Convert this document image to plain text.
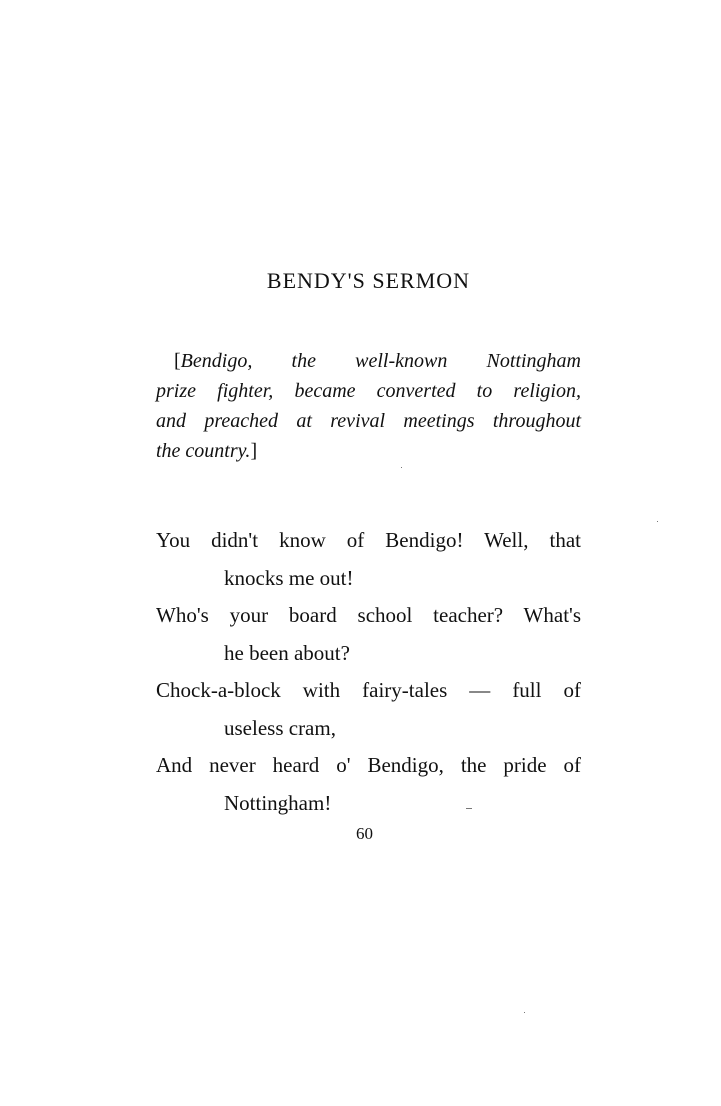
BENDY'S SERMON
[Bendigo, the well-known Nottingham
prize fighter, became converted to religion,
and preached at revival meetings throughout
the country.]
You didn't know of Bendigo! Well, that
knocks me out!
Who's your board school teacher? What's
he been about?
Chock-a-block with fairy-tales — full of
useless cram,
And never heard o' Bendigo, the pride of
Nottingham!
60
